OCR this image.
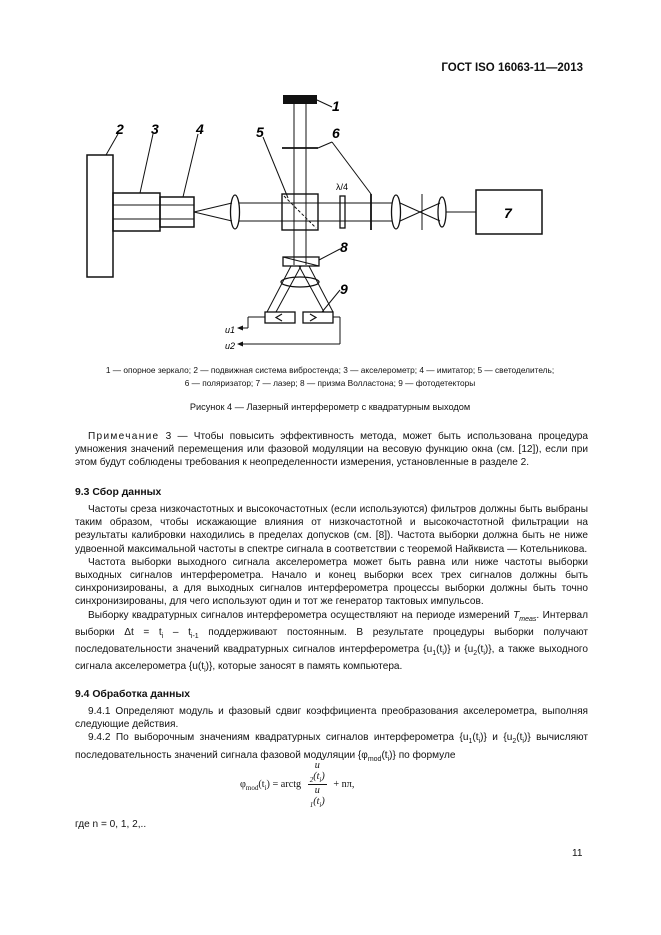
ГОСТ ISO 16063-11—2013
2 3	4	5
1
6
λ/4
7
8
9
u1
u2
1 — опорное зеркало; 2 — подвижная система вибростенда; 3 — акселерометр; 4 — имитатор; 5 — светоделитель;
6 — поляризатор; 7 — лазер; 8 — призма Волластона; 9 — фотодетекторы
Рисунок 4 — Лазерный интерферометр с квадратурным выходом

Примечание 3 — Чтобы повысить эффективность метода, может быть использована процедура умножения значений перемещения или фазовой модуляции на весовую функцию окна (см. [12]), если при этом будут соблюдены требования к неопределенности измерения, установленные в разделе 2.

9.3 Сбор данных

Частоты среза низкочастотных и высокочастотных (если используются) фильтров должны быть выбраны таким образом, чтобы искажающие влияния от низкочастотной и высокочастотной фильтрации на результаты калибровки находились в пределах допусков (см. [8]). Частота выборки должна быть не ниже удвоенной максимальной частоты в спектре сигнала в соответствии с теоремой Найквиста — Котельникова.

Частота выборки выходного сигнала акселерометра может быть равна или ниже частоты выборки выходных сигналов интерферометра. Начало и конец выборки всех трех сигналов должны быть синхронизированы, а для выходных сигналов интерферометра процессы выборки должны быть точно синхронизированы, для чего используют один и тот же генератор тактовых импульсов.

Выборку квадратурных сигналов интерферометра осуществляют на периоде измерений $T_{meas}$. Интервал выборки $\Delta t = t_i - t_{i-1}$ поддерживают постоянным. В результате процедуры выборки получают последовательности значений квадратурных сигналов интерферометра $\{u_1(t_i)\}$ и $\{u_2(t_i)\}$, а также выходного сигнала акселерометра $\{u(t_i)\}$, которые заносят в память компьютера.

9.4 Обработка данных

9.4.1 Определяют модуль и фазовый сдвиг коэффициента преобразования акселерометра, выполняя следующие действия.

9.4.2 По выборочным значениям квадратурных сигналов интерферометра $\{u_1(t_i)\}$ и $\{u_2(t_i)\}$ вычисляют последовательность значений сигнала фазовой модуляции $\{\varphi_{mod}(t_i)\}$ по формуле

$\varphi_{mod}(t_i)$ = arctg u
$_2(t_i)$
u
$_1(t_i) + n\pi$,
где n = 0, 1, 2,..
11
